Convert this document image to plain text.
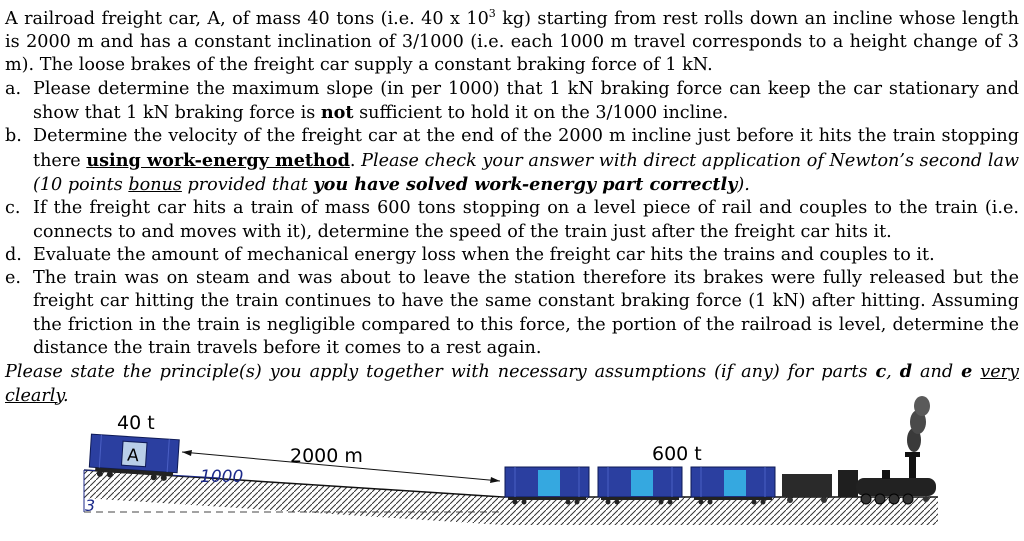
A railroad freight car, A, of mass 40 tons (i.e. 40 x $10^3$ kg) starting from rest rolls down an incline whose length is 2000 m and has a constant inclination of 3/1000 (i.e. each 1000 m travel corresponds to a height change of 3 m). The loose brakes of the freight car supply a constant braking force of 1 kN.
a. Please determine the maximum slope (in per 1000) that 1 kN braking force can keep the car stationary and show that 1 kN braking force is not sufficient to hold it on the 3/1000 incline.
b. Determine the velocity of the freight car at the end of the 2000 m incline just before it hits the train stopping there using work-energy method. Please check your answer with direct application of Newton’s second law (10 points bonus provided that you have solved work-energy part correctly).
c. If the freight car hits a train of mass 600 tons stopping on a level piece of rail and couples to the train (i.e. connects to and moves with it), determine the speed of the train just after the freight car hits it.
d. Evaluate the amount of mechanical energy loss when the freight car hits the trains and couples to it.
e. The train was on steam and was about to leave the station therefore its brakes were fully released but the freight car hitting the train continues to have the same constant braking force (1 kN) after hitting. Assuming the friction in the train is negligible compared to this force, the portion of the railroad is level, determine the distance the train travels before it comes to a rest again.
Please state the principle(s) you apply together with necessary assumptions (if any) for parts c, d and e very clearly.
1000
3
A
40 t
2000 m	600 t
